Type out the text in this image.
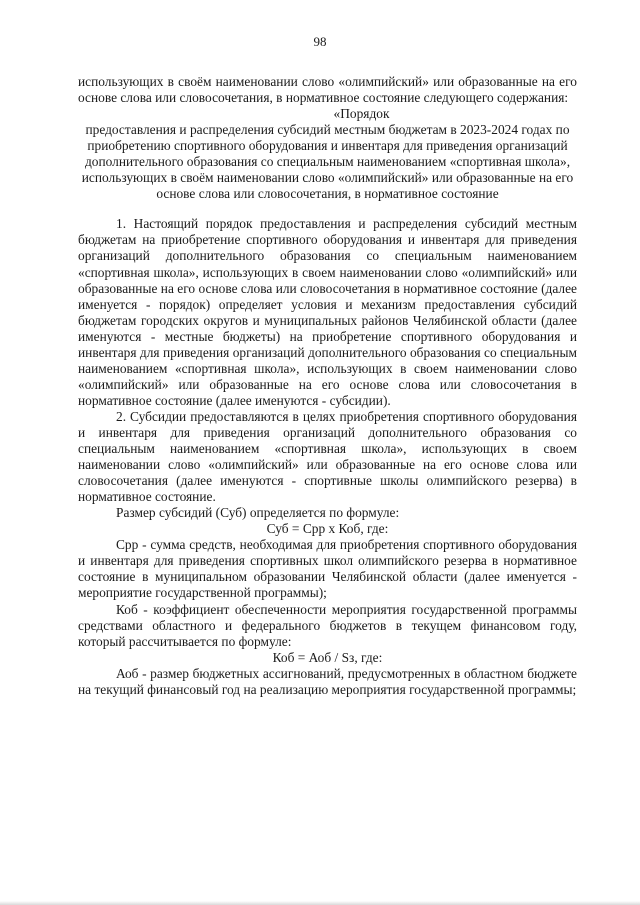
98

использующих в своём наименовании слово «олимпийский» или образованные на его основе слова или словосочетания, в нормативное состояние следующего содержания:

«Порядок
предоставления и распределения субсидий местным бюджетам в 2023-2024 годах по приобретению спортивного оборудования и инвентаря для приведения организаций дополнительного образования со специальным наименованием «спортивная школа», использующих в своём наименовании слово «олимпийский» или образованные на его основе слова или словосочетания, в нормативное состояние

1. Настоящий порядок предоставления и распределения субсидий местным бюджетам на приобретение спортивного оборудования и инвентаря для приведения организаций дополнительного образования со специальным наименованием «спортивная школа», использующих в своем наименовании слово «олимпийский» или образованные на его основе слова или словосочетания в нормативное состояние (далее именуется - порядок) определяет условия и механизм предоставления субсидий бюджетам городских округов и муниципальных районов Челябинской области (далее именуются - местные бюджеты) на приобретение спортивного оборудования и инвентаря для приведения организаций дополнительного образования со специальным наименованием «спортивная школа», использующих в своем наименовании слово «олимпийский» или образованные на его основе слова или словосочетания в нормативное состояние (далее именуются - субсидии).

2. Субсидии предоставляются в целях приобретения спортивного оборудования и инвентаря для приведения организаций дополнительного образования со специальным наименованием «спортивная школа», использующих в своем наименовании слово «олимпийский» или образованные на его основе слова или словосочетания (далее именуются - спортивные школы олимпийского резерва) в нормативное состояние.

Размер субсидий (Суб) определяется по формуле:

Суб = Срр x Коб, где:

Срр - сумма средств, необходимая для приобретения спортивного оборудования и инвентаря для приведения спортивных школ олимпийского резерва в нормативное состояние в муниципальном образовании Челябинской области (далее именуется - мероприятие государственной программы);

Коб - коэффициент обеспеченности мероприятия государственной программы средствами областного и федерального бюджетов в текущем финансовом году, который рассчитывается по формуле:

Коб = Аоб / Sз, где:

Аоб - размер бюджетных ассигнований, предусмотренных в областном бюджете на текущий финансовый год на реализацию мероприятия государственной программы;
